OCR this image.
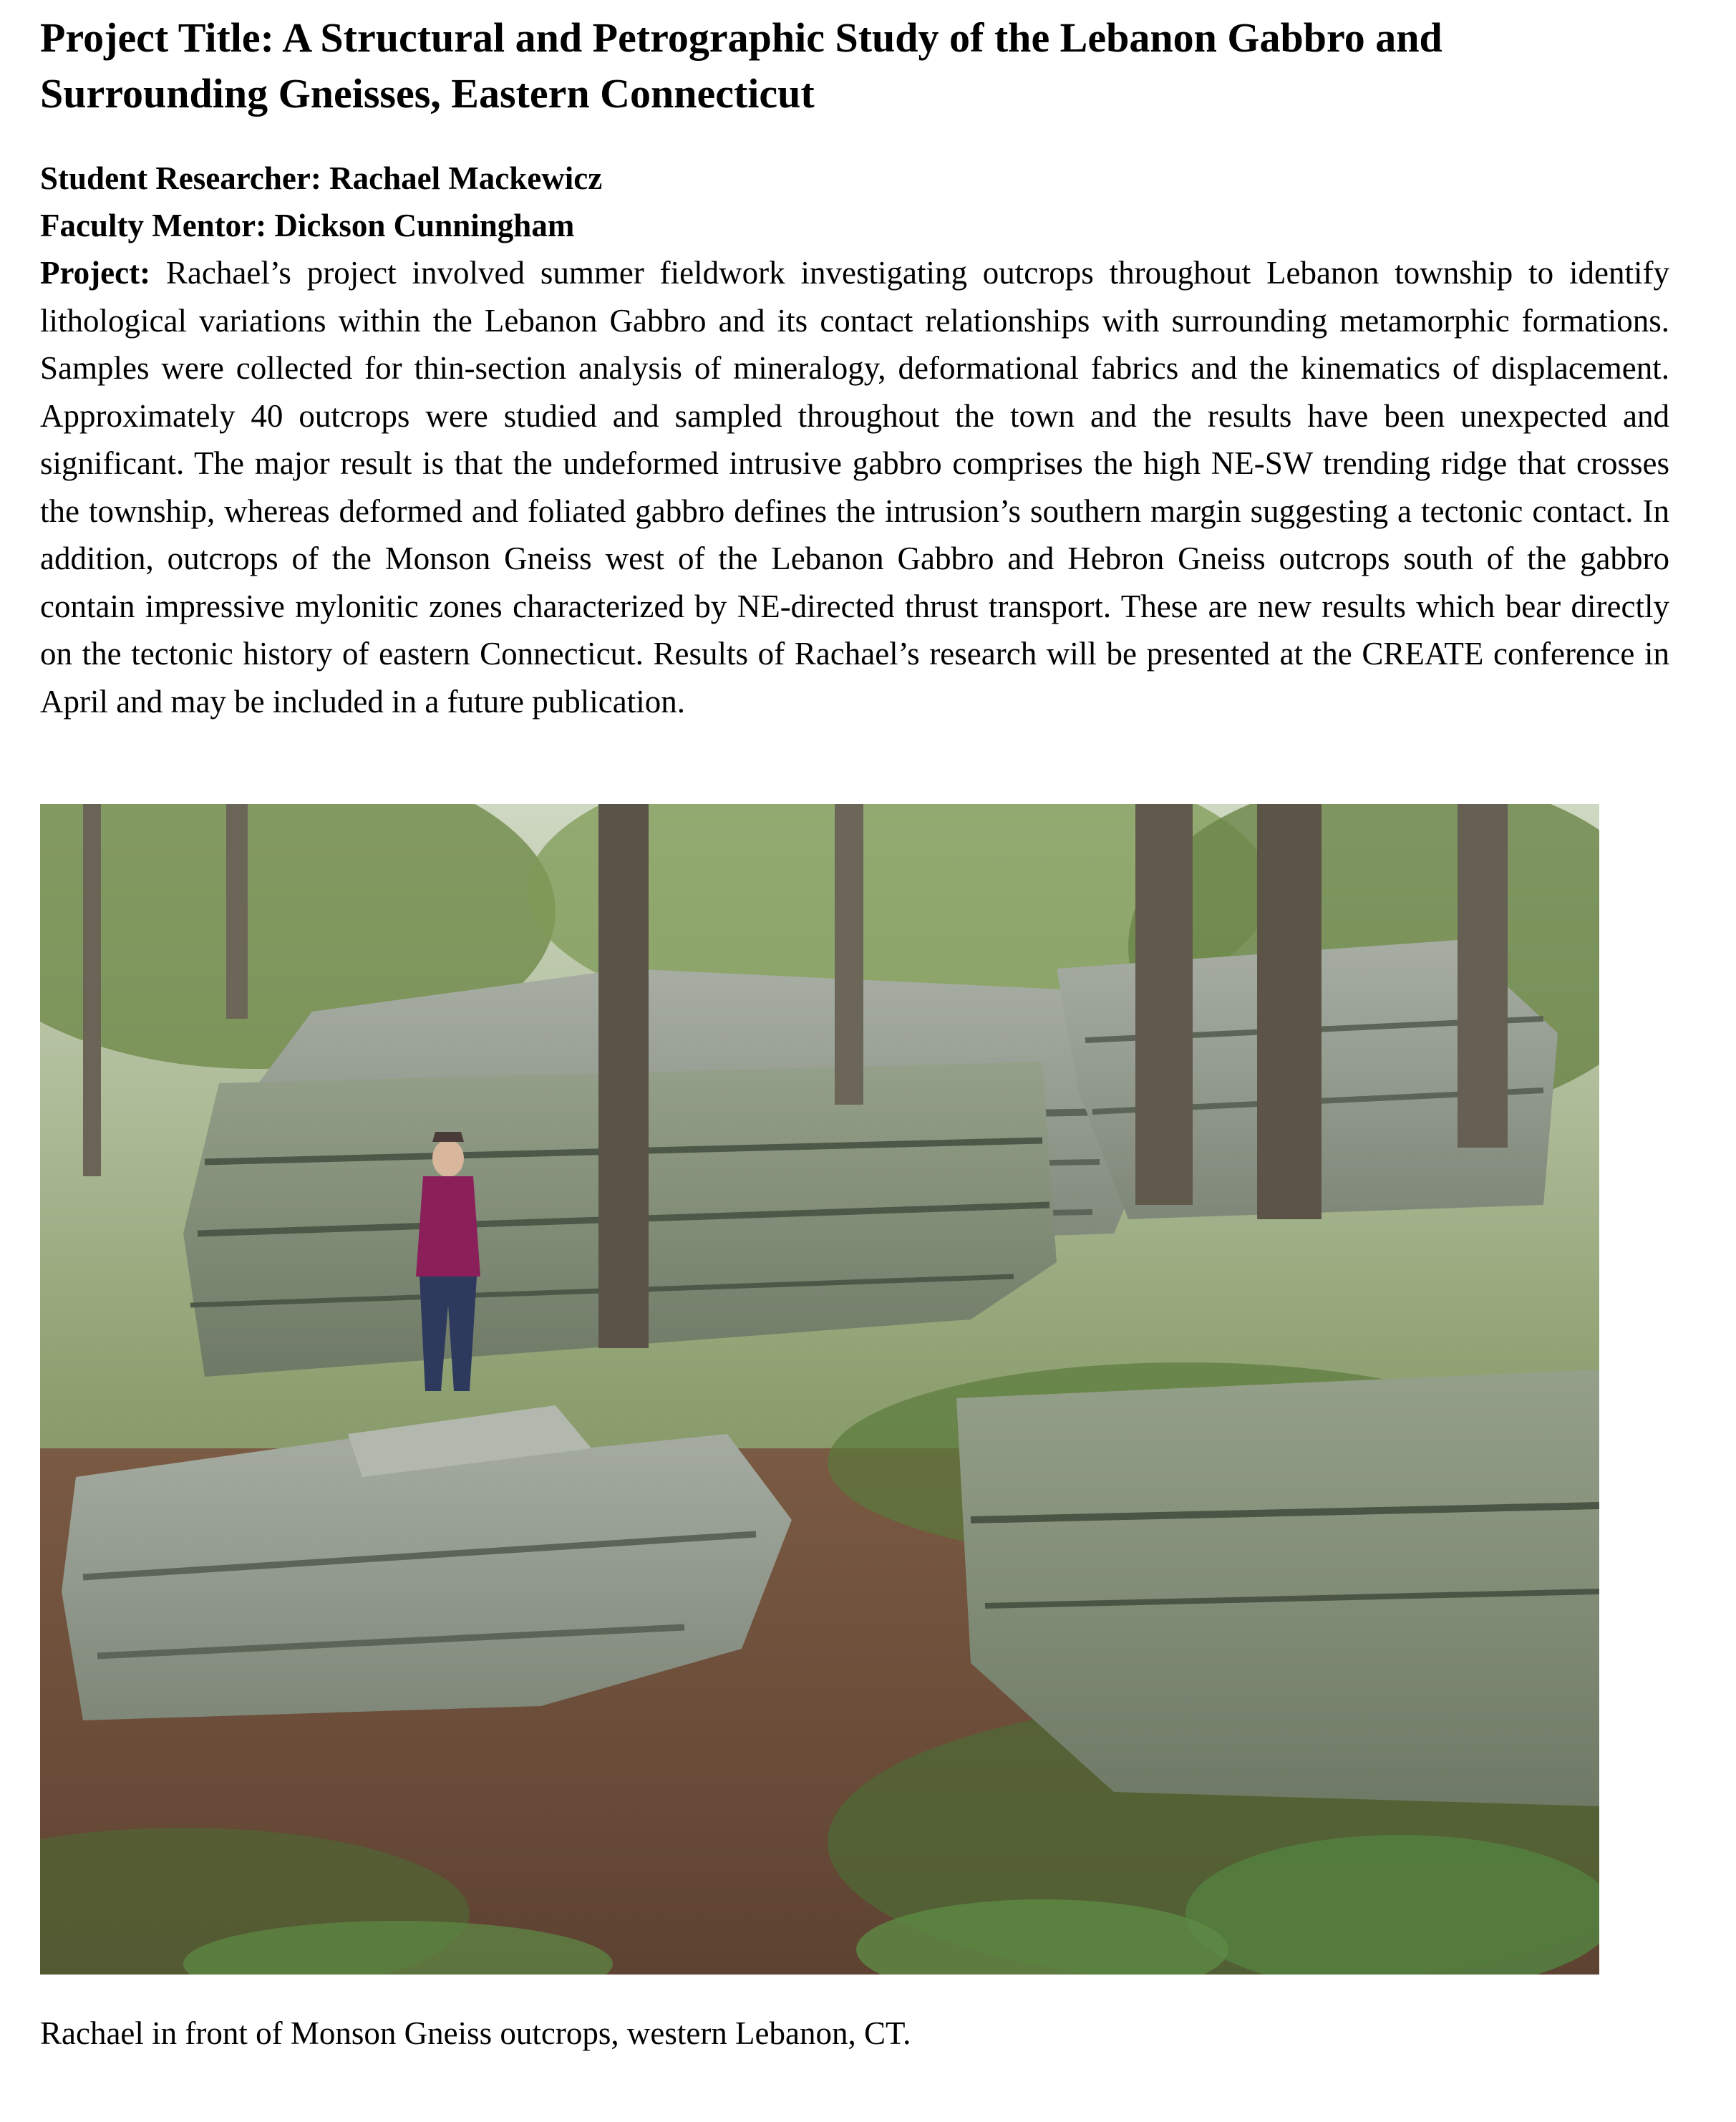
Project Title: A Structural and Petrographic Study of the Lebanon Gabbro and Surrounding Gneisses, Eastern Connecticut
Student Researcher: Rachael Mackewicz
Faculty Mentor: Dickson Cunningham

Project: Rachael’s project involved summer fieldwork investigating outcrops throughout Lebanon township to identify lithological variations within the Lebanon Gabbro and its contact relationships with surrounding metamorphic formations. Samples were collected for thin-section analysis of mineralogy, deformational fabrics and the kinematics of displacement. Approximately 40 outcrops were studied and sampled throughout the town and the results have been unexpected and significant. The major result is that the undeformed intrusive gabbro comprises the high NE-SW trending ridge that crosses the township, whereas deformed and foliated gabbro defines the intrusion’s southern margin suggesting a tectonic contact. In addition, outcrops of the Monson Gneiss west of the Lebanon Gabbro and Hebron Gneiss outcrops south of the gabbro contain impressive mylonitic zones characterized by NE-directed thrust transport. These are new results which bear directly on the tectonic history of eastern Connecticut. Results of Rachael’s research will be presented at the CREATE conference in April and may be included in a future publication.

Rachael in front of Monson Gneiss outcrops, western Lebanon, CT.
